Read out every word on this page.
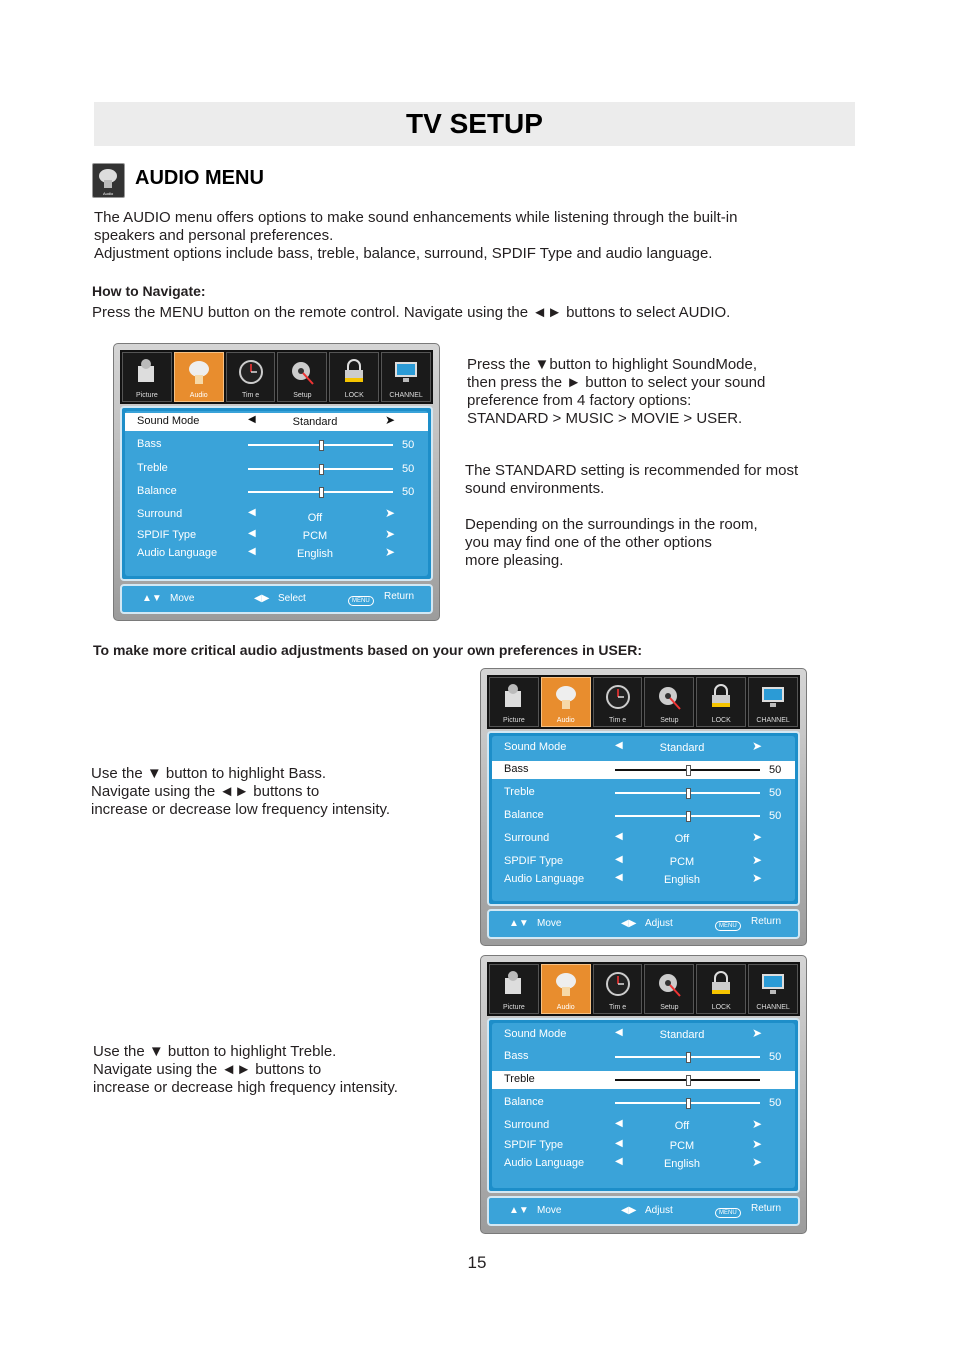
TV SETUP
Audio
AUDIO MENU
The AUDIO menu offers options to make sound enhancements while listening through the built-in
speakers and personal preferences.
Adjustment options include bass, treble, balance, surround, SPDIF Type and audio language.
How to Navigate:
Press the MENU button on the remote control. Navigate using the ◄► buttons to select AUDIO.
Picture	Audio	Tim e	Setup	LOCK	CHANNEL
Sound Mode	◀	Standard	➤
Bass	50
Treble	50
Balance	50
Surround	◀	Off	➤
SPDIF Type	◀	PCM	➤
Audio Language	◀	English	➤
▲▼ Move	◀▶ Select	MENU	Return
Press the ▼button to highlight SoundMode,
then press the ► button to select your sound
preference from 4 factory options:
STANDARD > MUSIC > MOVIE > USER.
The STANDARD setting is recommended for most
sound environments.
Depending on the surroundings in the room,
you may find one of the other options
more pleasing.
To make more critical audio adjustments based on your own preferences in USER:
Use the ▼ button to highlight Bass.
Navigate using the ◄► buttons to
increase or decrease low frequency intensity.
Picture	Audio	Tim e	Setup	LOCK	CHANNEL
Sound Mode	◀	Standard	➤
Bass	50
Treble	50
Balance	50
Surround	◀	Off	➤
SPDIF Type	◀	PCM	➤
Audio Language	◀	English	➤
▲▼ Move	◀▶ Adjust	MENU	Return
Use the ▼ button to highlight Treble.
Navigate using the ◄► buttons to
increase or decrease high frequency intensity.
Picture	Audio	Tim e	Setup	LOCK	CHANNEL
Sound Mode	◀	Standard	➤
Bass	50
Treble
Balance	50
Surround	◀	Off	➤
SPDIF Type	◀	PCM	➤
Audio Language	◀	English	➤
▲▼ Move	◀▶ Adjust	MENU	Return
15
